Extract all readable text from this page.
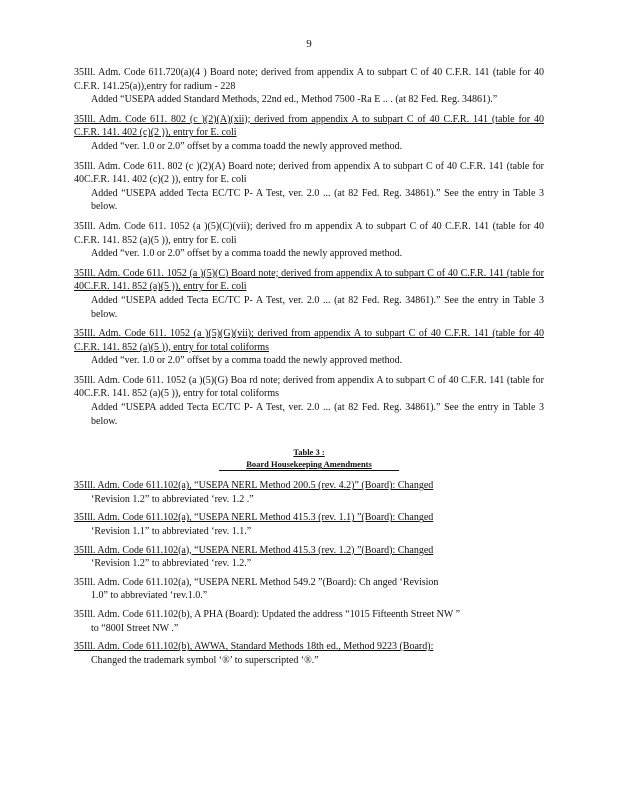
9
35Ill. Adm. Code 611.720(a)(4 ) Board note; derived from appendix A to subpart C of 40 C.F.R. 141 (table for 40 C.F.R. 141.25(a)),entry for radium - 228
Added “USEPA added Standard Methods, 22nd ed., Method 7500 -Ra E .. . (at 82 Fed. Reg. 34861).”
35Ill. Adm. Code 611. 802 (c )(2)(A)(xii); derived from appendix A to subpart C of 40 C.F.R. 141 (table for 40 C.F.R. 141. 402 (c)(2 )), entry for E. coli
Added “ver. 1.0 or 2.0” offset by a comma toadd the newly approved method.
35Ill. Adm. Code 611. 802 (c )(2)(A) Board note; derived from appendix A to subpart C of 40 C.F.R. 141 (table for 40C.F.R. 141. 402 (c)(2 )), entry for E. coli
Added “USEPA added Tecta EC/TC P- A Test, ver. 2.0 ... (at 82 Fed. Reg. 34861).” See the entry in Table 3 below.
35Ill. Adm. Code 611. 1052 (a )(5)(C)(vii); derived fro m appendix A to subpart C of 40 C.F.R. 141 (table for 40 C.F.R. 141. 852 (a)(5 )), entry for E. coli
Added “ver. 1.0 or 2.0” offset by a comma toadd the newly approved method.
35Ill. Adm. Code 611. 1052 (a )(5)(C) Board note; derived from appendix A to subpart C of 40 C.F.R. 141 (table for 40C.F.R. 141. 852 (a)(5 )), entry for E. coli
Added “USEPA added Tecta EC/TC P- A Test, ver. 2.0 ... (at 82 Fed. Reg. 34861).” See the entry in Table 3 below.
35Ill. Adm. Code 611. 1052 (a )(5)(G)(vii); derived from appendix A to subpart C of 40 C.F.R. 141 (table for 40 C.F.R. 141. 852 (a)(5 )), entry for total coliforms
Added “ver. 1.0 or 2.0” offset by a comma toadd the newly approved method.
35Ill. Adm. Code 611. 1052 (a )(5)(G) Boa rd note; derived from appendix A to subpart C of 40 C.F.R. 141 (table for 40C.F.R. 141. 852 (a)(5 )), entry for total coliforms
Added “USEPA added Tecta EC/TC P- A Test, ver. 2.0 ... (at 82 Fed. Reg. 34861).” See the entry in Table 3 below.
Table 3 :
Board Housekeeping Amendments
35Ill. Adm. Code 611.102(a), “USEPA NERL Method 200.5 (rev. 4.2)” (Board): Changed
‘Revision 1.2” to abbreviated ‘rev. 1.2 .”
35Ill. Adm. Code 611.102(a), “USEPA NERL Method 415.3 (rev. 1.1) ”(Board): Changed
‘Revision 1.1” to abbreviated ‘rev. 1.1.”
35Ill. Adm. Code 611.102(a), “USEPA NERL Method 415.3 (rev. 1.2) ”(Board): Changed
‘Revision 1.2” to abbreviated ‘rev. 1.2.”
35Ill. Adm. Code 611.102(a), “USEPA NERL Method 549.2 ”(Board): Ch anged ‘Revision
1.0” to abbreviated ‘rev.1.0.”
35Ill. Adm. Code 611.102(b), A PHA (Board): Updated the address “1015 Fifteenth Street NW ”
to “800I Street NW .”
35Ill. Adm. Code 611.102(b), AWWA, Standard Methods 18th ed., Method 9223 (Board):
Changed the trademark symbol ‘®’ to superscripted ‘®.”
